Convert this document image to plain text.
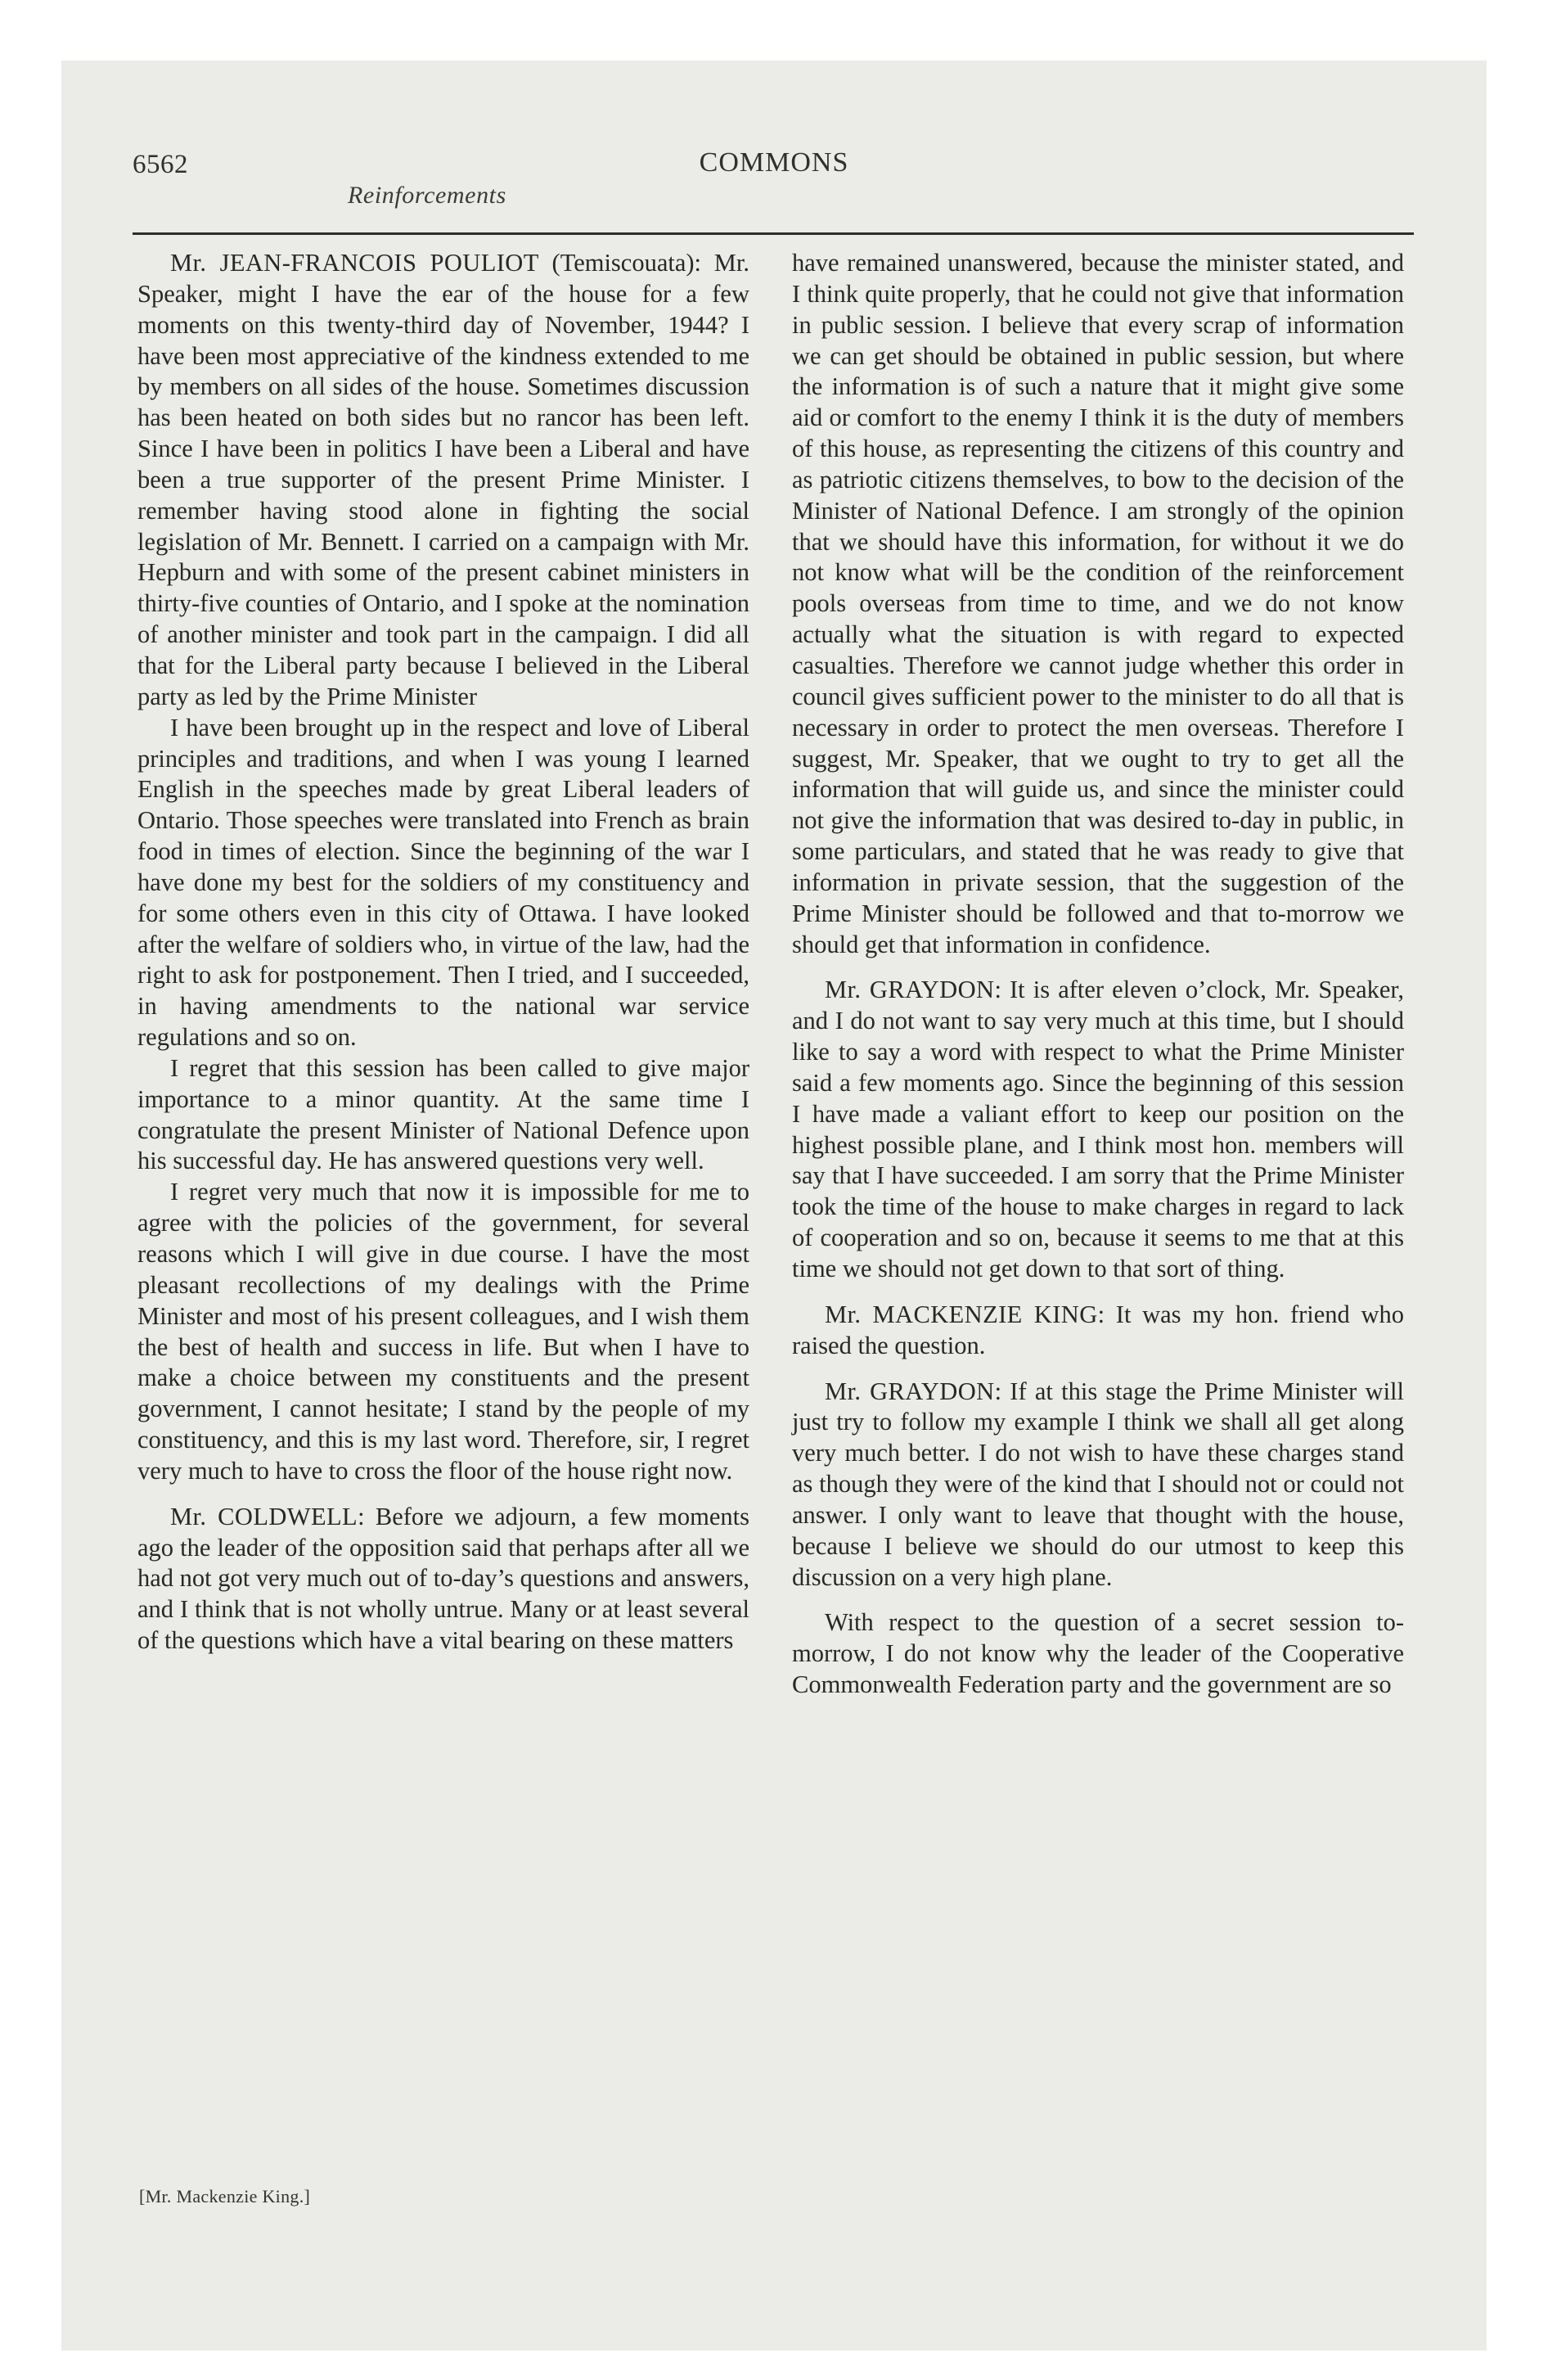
6562	COMMONS
Reinforcements

Mr. JEAN-FRANCOIS POULIOT (Temiscouata): Mr. Speaker, might I have the ear of the house for a few moments on this twenty-third day of November, 1944? I have been most appreciative of the kindness extended to me by members on all sides of the house. Sometimes discussion has been heated on both sides but no rancor has been left. Since I have been in politics I have been a Liberal and have been a true supporter of the present Prime Minister. I remember having stood alone in fighting the social legislation of Mr. Bennett. I carried on a campaign with Mr. Hepburn and with some of the present cabinet ministers in thirty-five counties of Ontario, and I spoke at the nomination of another minister and took part in the campaign. I did all that for the Liberal party because I believed in the Liberal party as led by the Prime Minister

I have been brought up in the respect and love of Liberal principles and traditions, and when I was young I learned English in the speeches made by great Liberal leaders of Ontario. Those speeches were translated into French as brain food in times of election. Since the beginning of the war I have done my best for the soldiers of my constituency and for some others even in this city of Ottawa. I have looked after the welfare of soldiers who, in virtue of the law, had the right to ask for postponement. Then I tried, and I succeeded, in having amendments to the national war service regulations and so on.

I regret that this session has been called to give major importance to a minor quantity. At the same time I congratulate the present Minister of National Defence upon his successful day. He has answered questions very well.

I regret very much that now it is impossible for me to agree with the policies of the government, for several reasons which I will give in due course. I have the most pleasant recollections of my dealings with the Prime Minister and most of his present colleagues, and I wish them the best of health and success in life. But when I have to make a choice between my constituents and the present government, I cannot hesitate; I stand by the people of my constituency, and this is my last word. Therefore, sir, I regret very much to have to cross the floor of the house right now.

Mr. COLDWELL: Before we adjourn, a few moments ago the leader of the opposition said that perhaps after all we had not got very much out of to-day’s questions and answers, and I think that is not wholly untrue. Many or at least several of the questions which have a vital bearing on these matters

have remained unanswered, because the minister stated, and I think quite properly, that he could not give that information in public session. I believe that every scrap of information we can get should be obtained in public session, but where the information is of such a nature that it might give some aid or comfort to the enemy I think it is the duty of members of this house, as representing the citizens of this country and as patriotic citizens themselves, to bow to the decision of the Minister of National Defence. I am strongly of the opinion that we should have this information, for without it we do not know what will be the condition of the reinforcement pools overseas from time to time, and we do not know actually what the situation is with regard to expected casualties. Therefore we cannot judge whether this order in council gives sufficient power to the minister to do all that is necessary in order to protect the men overseas. Therefore I suggest, Mr. Speaker, that we ought to try to get all the information that will guide us, and since the minister could not give the information that was desired to-day in public, in some particulars, and stated that he was ready to give that information in private session, that the suggestion of the Prime Minister should be followed and that to-morrow we should get that information in confidence.

Mr. GRAYDON: It is after eleven o’clock, Mr. Speaker, and I do not want to say very much at this time, but I should like to say a word with respect to what the Prime Minister said a few moments ago. Since the beginning of this session I have made a valiant effort to keep our position on the highest possible plane, and I think most hon. members will say that I have succeeded. I am sorry that the Prime Minister took the time of the house to make charges in regard to lack of cooperation and so on, because it seems to me that at this time we should not get down to that sort of thing.

Mr. MACKENZIE KING: It was my hon. friend who raised the question.

Mr. GRAYDON: If at this stage the Prime Minister will just try to follow my example I think we shall all get along very much better. I do not wish to have these charges stand as though they were of the kind that I should not or could not answer. I only want to leave that thought with the house, because I believe we should do our utmost to keep this discussion on a very high plane.

With respect to the question of a secret session to-morrow, I do not know why the leader of the Cooperative Commonwealth Federation party and the government are so

[Mr. Mackenzie King.]
